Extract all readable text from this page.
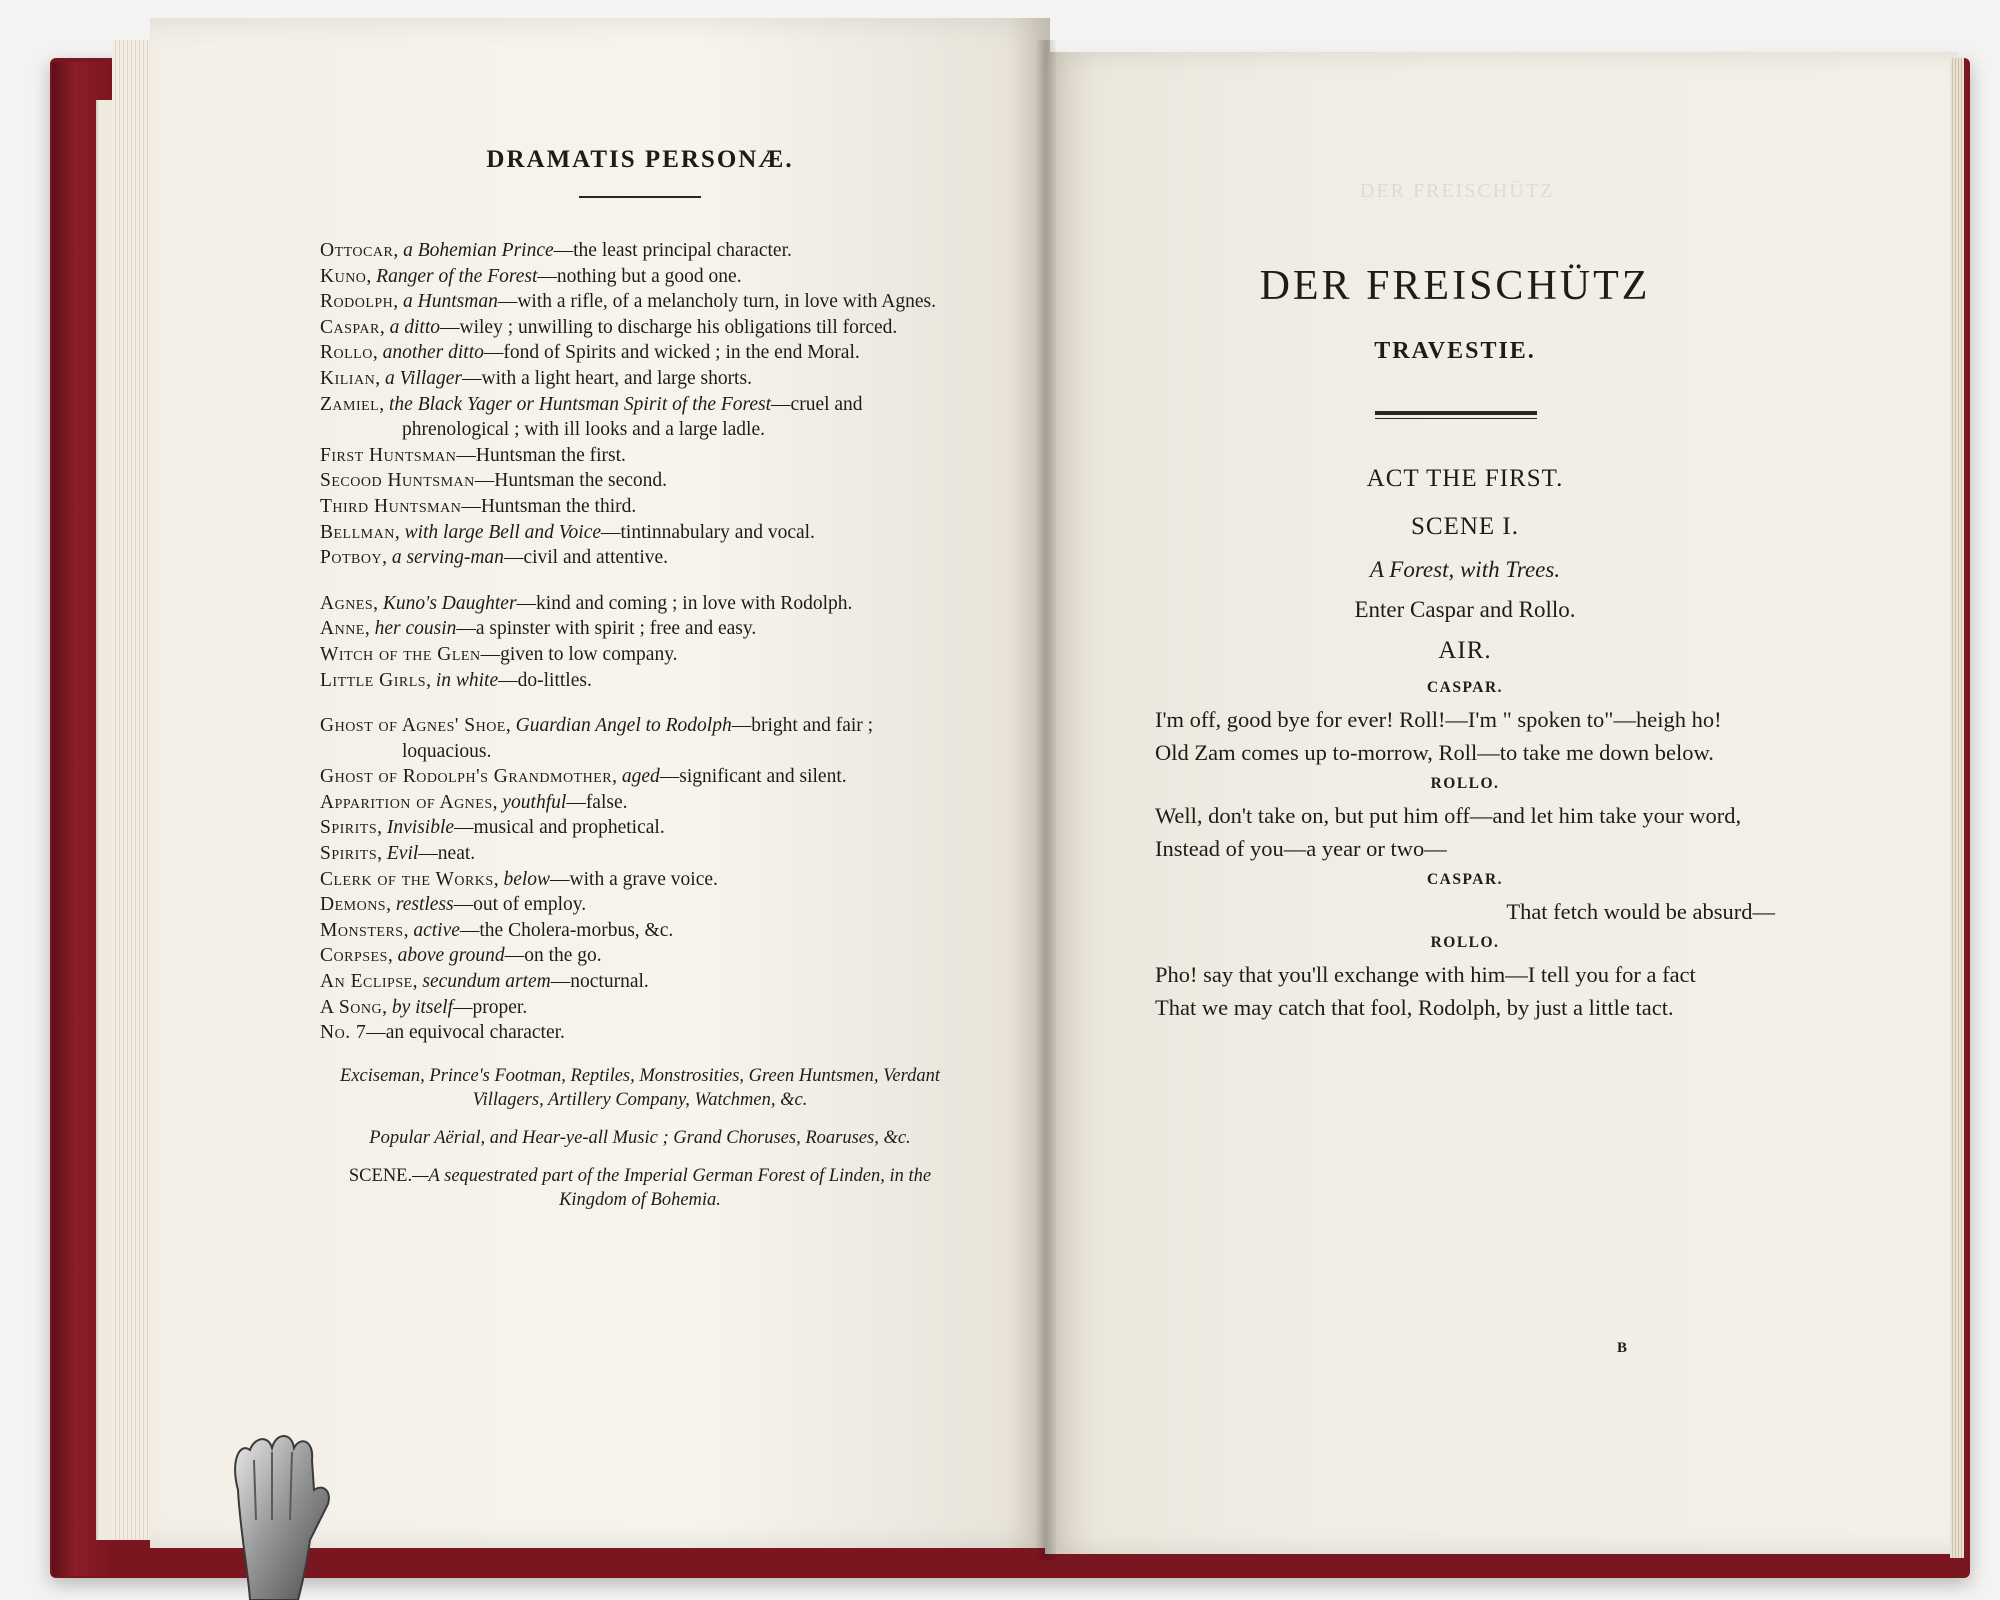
DER FREISCHÜTZ

DRAMATIS PERSONÆ.

Ottocar, a Bohemian Prince—the least principal character.

Kuno, Ranger of the Forest—nothing but a good one.

Rodolph, a Huntsman—with a rifle, of a melancholy turn, in love with Agnes.

Caspar, a ditto—wiley ; unwilling to discharge his obligations till forced.

Rollo, another ditto—fond of Spirits and wicked ; in the end Moral.

Kilian, a Villager—with a light heart, and large shorts.

Zamiel, the Black Yager or Huntsman Spirit of the Forest—cruel and phrenological ; with ill looks and a large ladle.

First Huntsman—Huntsman the first.

Secood Huntsman—Huntsman the second.

Third Huntsman—Huntsman the third.

Bellman, with large Bell and Voice—tintinnabulary and vocal.

Potboy, a serving-man—civil and attentive.

Agnes, Kuno's Daughter—kind and coming ; in love with Rodolph.

Anne, her cousin—a spinster with spirit ; free and easy.

Witch of the Glen—given to low company.

Little Girls, in white—do-littles.

Ghost of Agnes' Shoe, Guardian Angel to Rodolph—bright and fair ; loquacious.

Ghost of Rodolph's Grandmother, aged—significant and silent.

Apparition of Agnes, youthful—false.

Spirits, Invisible—musical and prophetical.

Spirits, Evil—neat.

Clerk of the Works, below—with a grave voice.

Demons, restless—out of employ.

Monsters, active—the Cholera-morbus, &c.

Corpses, above ground—on the go.

An Eclipse, secundum artem—nocturnal.

A Song, by itself—proper.

No. 7—an equivocal character.

Exciseman, Prince's Footman, Reptiles, Monstrosities, Green Huntsmen, Verdant Villagers, Artillery Company, Watchmen, &c.

Popular Aërial, and Hear-ye-all Music ; Grand Choruses, Roaruses, &c.

SCENE.—A sequestrated part of the Imperial German Forest of Linden, in the Kingdom of Bohemia.

DER FREISCHÜTZ
TRAVESTIE.
ACT THE FIRST.
SCENE I.
A Forest, with Trees.
Enter Caspar and Rollo.
AIR.
CASPAR.

I'm off, good bye for ever! Roll!—I'm " spoken to"—heigh ho!

Old Zam comes up to-morrow, Roll—to take me down below.

ROLLO.

Well, don't take on, but put him off—and let him take your word,

Instead of you—a year or two—

CASPAR.

That fetch would be absurd—

ROLLO.

Pho! say that you'll exchange with him—I tell you for a fact

That we may catch that fool, Rodolph, by just a little tact.

B
